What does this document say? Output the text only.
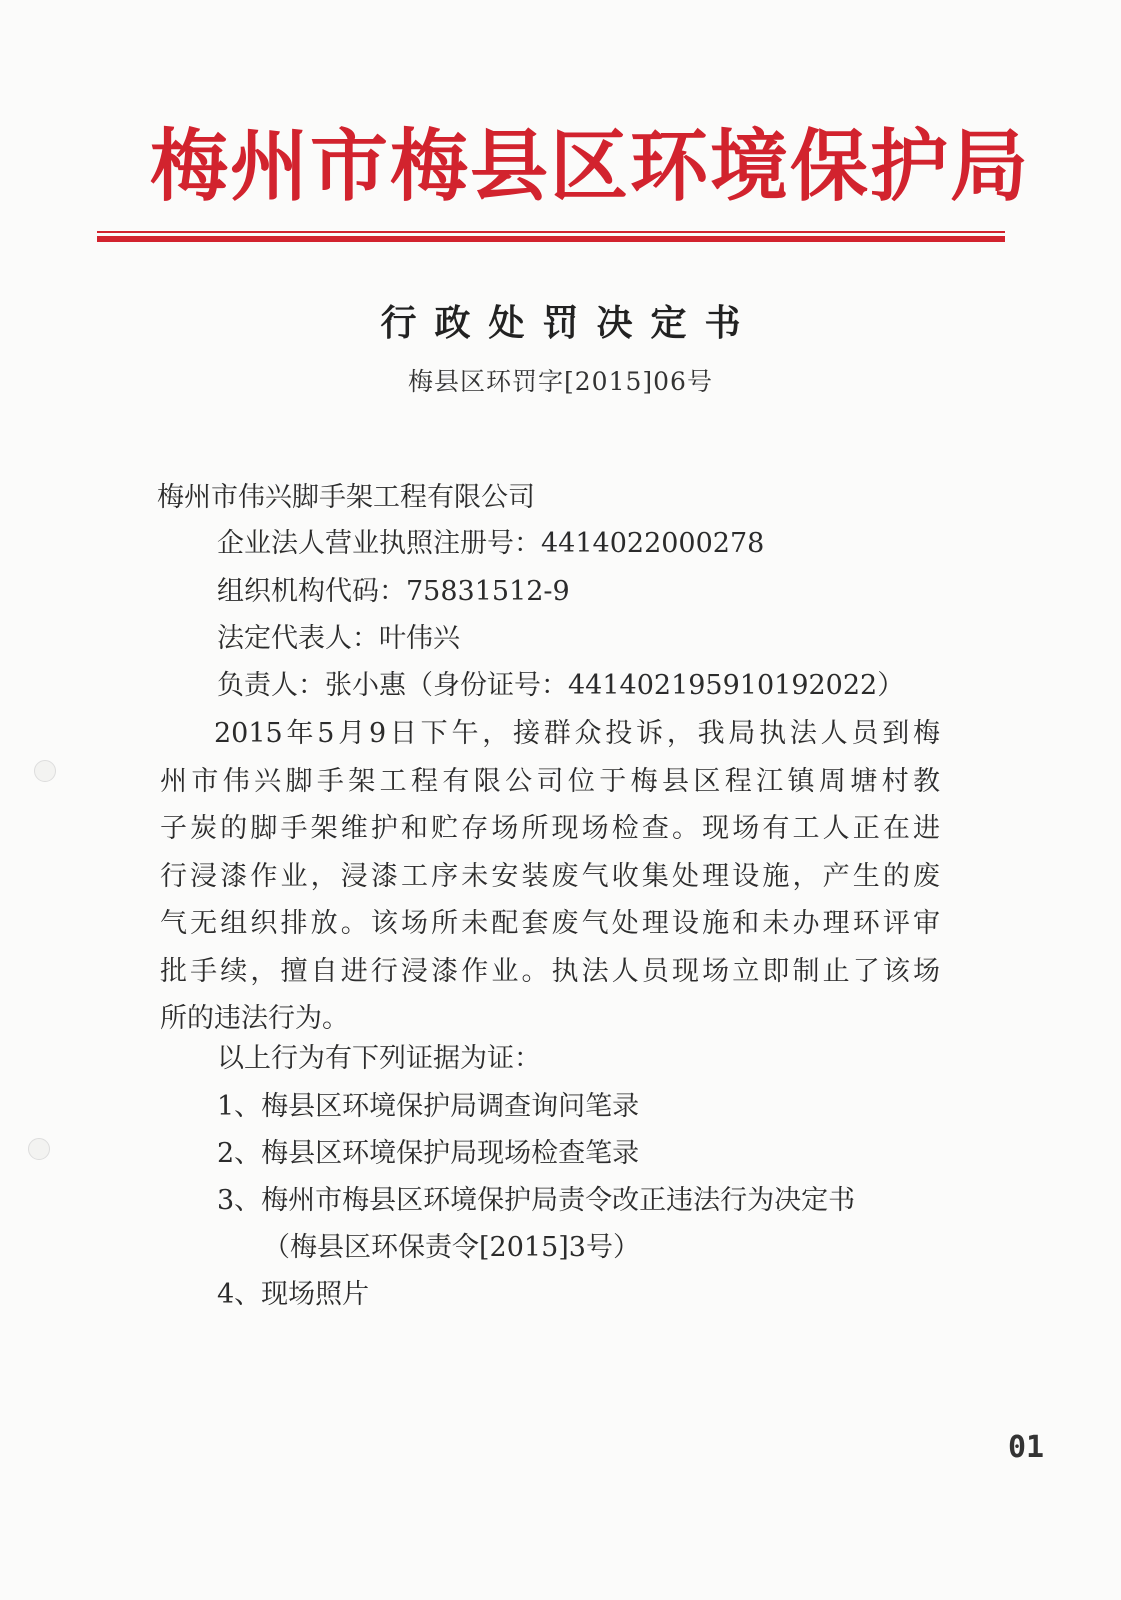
梅州市梅县区环境保护局
行政处罚决定书
梅县区环罚字[2015]06号
梅州市伟兴脚手架工程有限公司
企业法人营业执照注册号：4414022000278
组织机构代码：75831512-9
法定代表人：叶伟兴
负责人：张小惠（身份证号：441402195910192022）
2015年5月9日下午，接群众投诉，我局执法人员到梅
州市伟兴脚手架工程有限公司位于梅县区程江镇周塘村教
子炭的脚手架维护和贮存场所现场检查。现场有工人正在进
行浸漆作业，浸漆工序未安装废气收集处理设施，产生的废
气无组织排放。该场所未配套废气处理设施和未办理环评审
批手续，擅自进行浸漆作业。执法人员现场立即制止了该场
所的违法行为。
以上行为有下列证据为证：
1、梅县区环境保护局调查询问笔录
2、梅县区环境保护局现场检查笔录
3、梅州市梅县区环境保护局责令改正违法行为决定书
（梅县区环保责令[2015]3号）
4、现场照片
01
